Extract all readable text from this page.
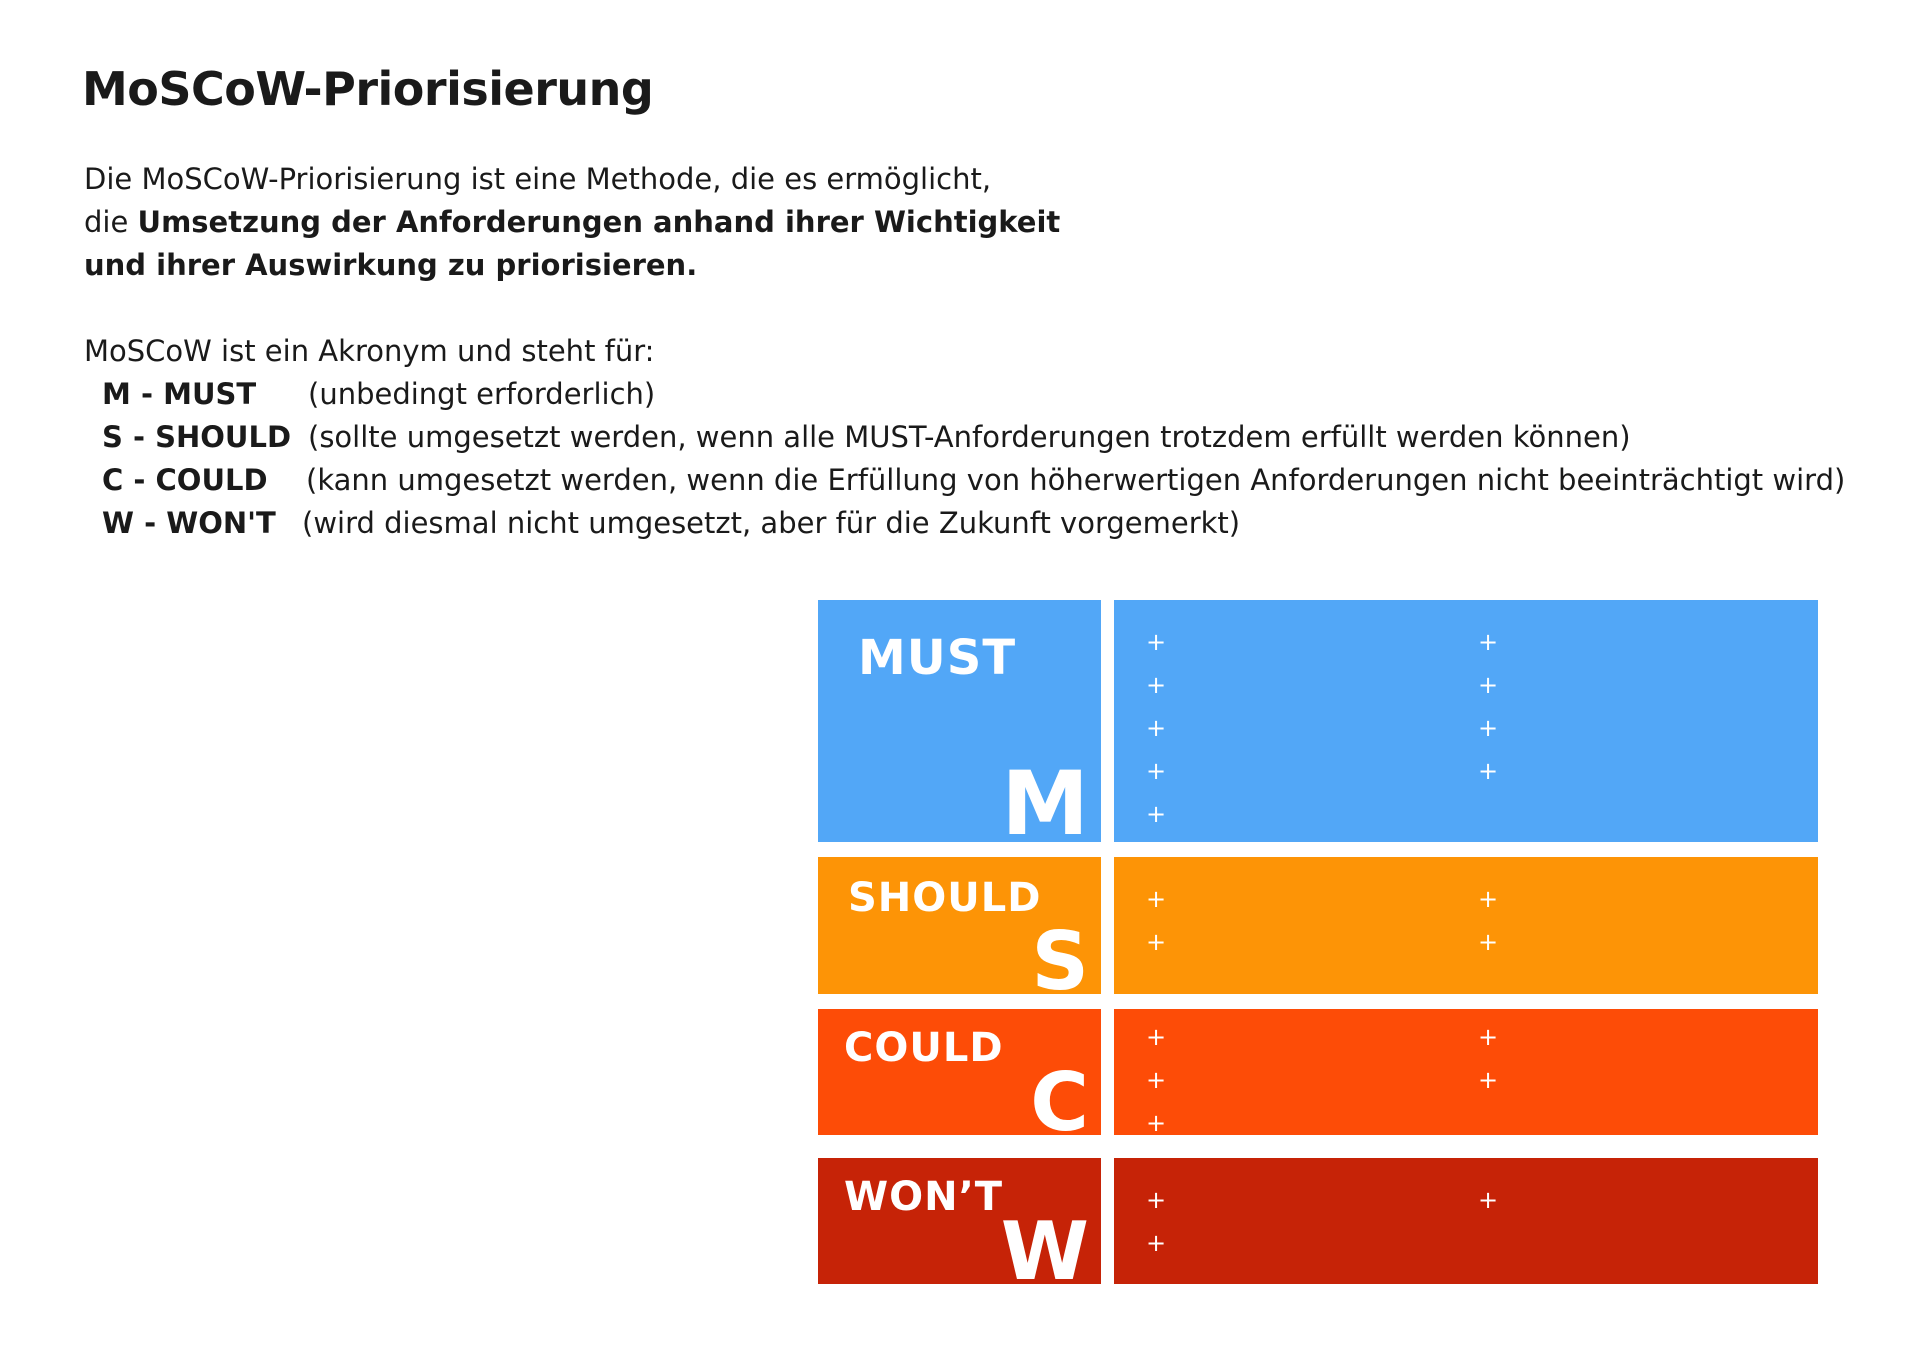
MoSCoW-Priorisierung
Die MoSCoW-Priorisierung ist eine Methode, die es ermöglicht,
die Umsetzung der Anforderungen anhand ihrer Wichtigkeit
und ihrer Auswirkung zu priorisieren.
MoSCoW ist ein Akronym und steht für:
M - MUST (unbedingt erforderlich)
S - SHOULD (sollte umgesetzt werden, wenn alle MUST-Anforderungen trotzdem erfüllt werden können)
C - COULD (kann umgesetzt werden, wenn die Erfüllung von höherwertigen Anforderungen nicht beeinträchtigt wird)
W - WON'T (wird diesmal nicht umgesetzt, aber für die Zukunft vorgemerkt)
MUST
M
+
+
+
+
+
+
+
+
+
SHOULD
S
+
+
+
+
COULD
C
+
+
+
+
+
WON’T
W
+
+
+
